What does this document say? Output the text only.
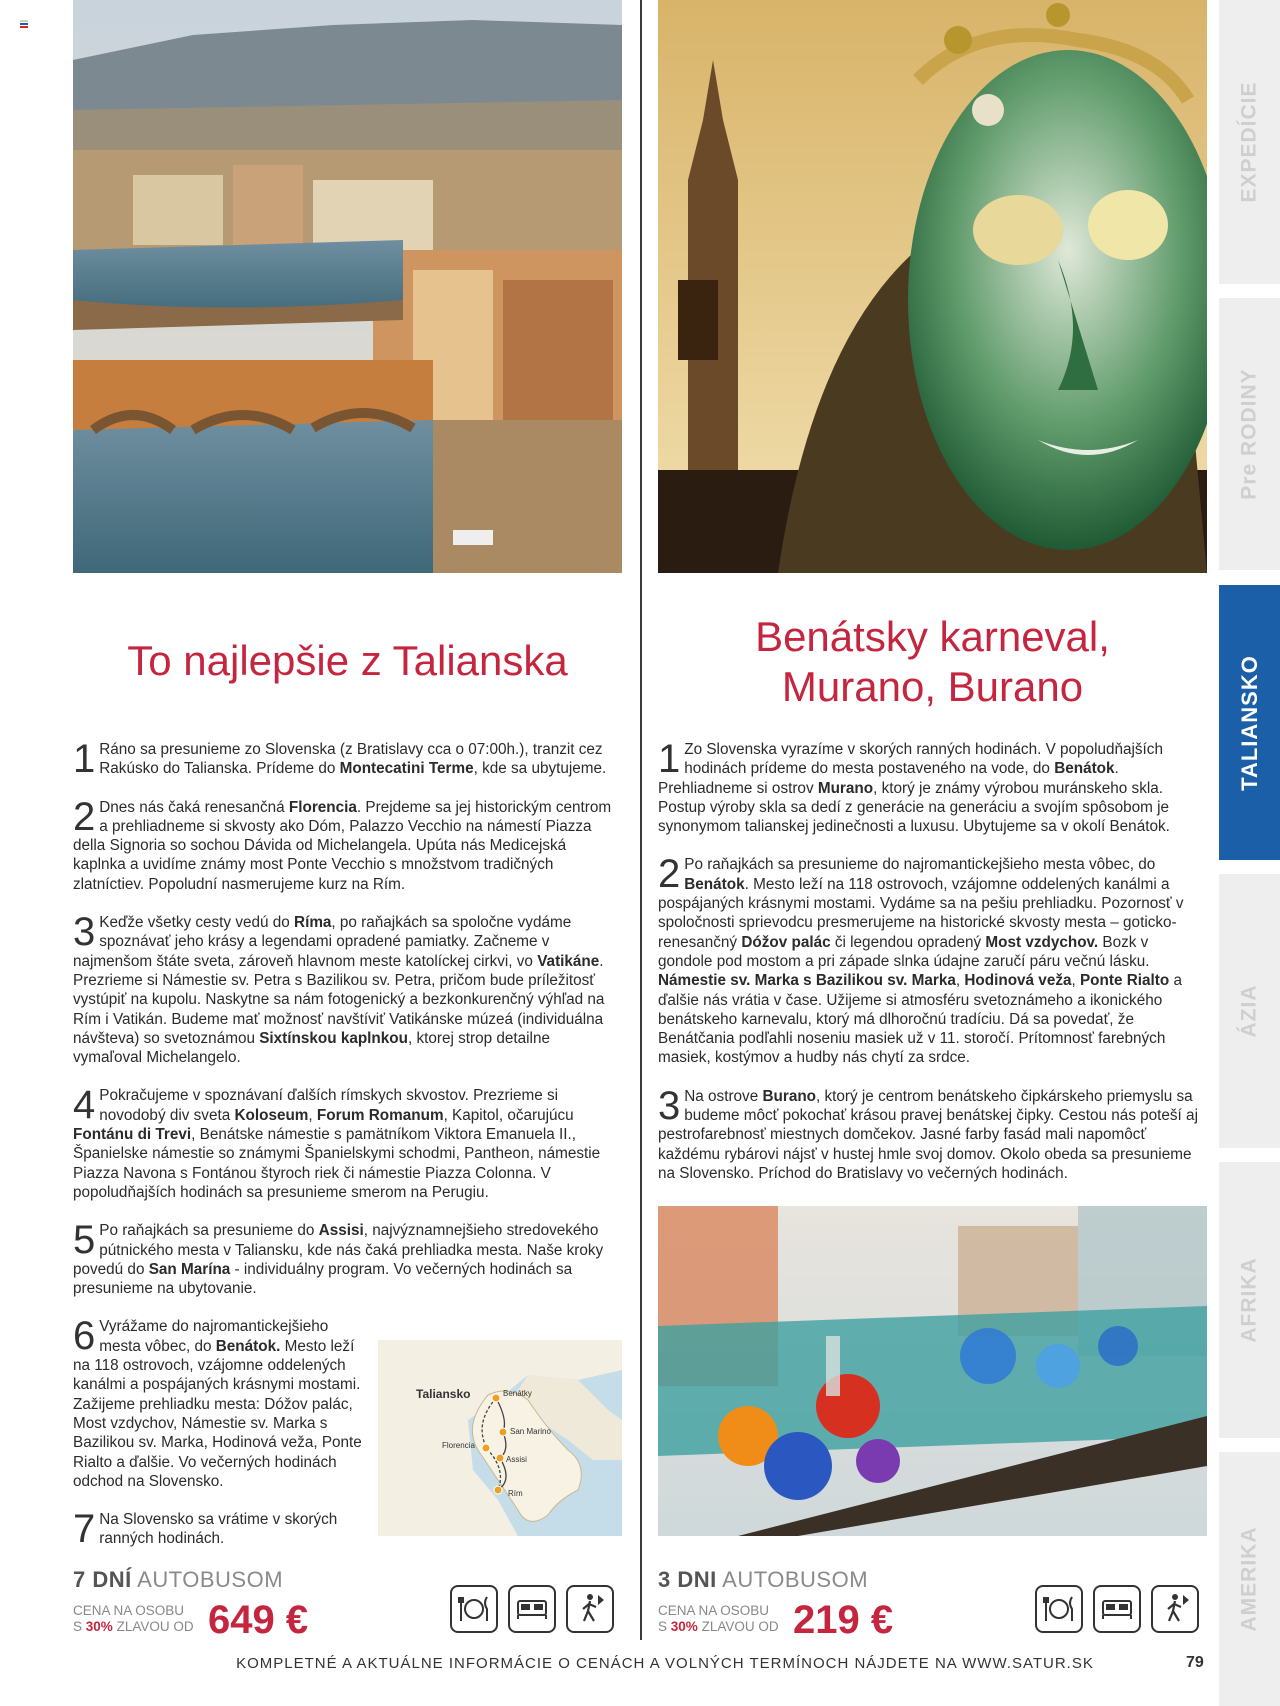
EXPEDÍCIE
Pre RODINY
TALIANSKO
ÁZIA
AFRIKA
AMERIKA
To najlepšie z Talianska
1 Ráno sa presunieme zo Slovenska (z Bratislavy cca o 07:00h.), tranzit cez Rakúsko do Talianska. Prídeme do Montecatini Terme, kde sa ubytujeme.
2 Dnes nás čaká renesančná Florencia. Prejdeme sa jej historickým centrom a prehliadneme si skvosty ako Dóm, Palazzo Vecchio na námestí Piazza della Signoria so sochou Dávida od Michelangela. Upúta nás Medicejská kaplnka a uvidíme známy most Ponte Vecchio s množstvom tradičných zlatníctiev. Popoludní nasmerujeme kurz na Rím.
3 Keďže všetky cesty vedú do Ríma, po raňajkách sa spoločne vydáme spoznávať jeho krásy a legendami opradené pamiatky. Začneme v najmenšom štáte sveta, zároveň hlavnom meste katolíckej cirkvi, vo Vatikáne. Prezrieme si Námestie sv. Petra s Bazilikou sv. Petra, pričom bude príležitosť vystúpiť na kupolu. Naskytne sa nám fotogenický a bezkonkurenčný výhľad na Rím i Vatikán. Budeme mať možnosť navštíviť Vatikánske múzeá (individuálna návšteva) so svetoznámou Sixtínskou kaplnkou, ktorej strop detailne vymaľoval Michelangelo.
4 Pokračujeme v spoznávaní ďalších rímskych skvostov. Prezrieme si novodobý div sveta Koloseum, Forum Romanum, Kapitol, očarujúcu Fontánu di Trevi, Benátske námestie s pamätníkom Viktora Emanuela II., Španielske námestie so známymi Španielskymi schodmi, Pantheon, námestie Piazza Navona s Fontánou štyroch riek či námestie Piazza Colonna. V popoludňajších hodinách sa presunieme smerom na Perugiu.
5 Po raňajkách sa presunieme do Assisi, najvýznamnejšieho stredovekého pútnického mesta v Taliansku, kde nás čaká prehliadka mesta. Naše kroky povedú do San Marína - individuálny program. Vo večerných hodinách sa presunieme na ubytovanie.
6 Vyrážame do najromantickejšieho mesta vôbec, do Benátok. Mesto leží na 118 ostrovoch, vzájomne oddelených kanálmi a pospájaných krásnymi mostami. Zažijeme prehliadku mesta: Dóžov palác, Most vzdychov, Námestie sv. Marka s Bazilikou sv. Marka, Hodinová veža, Ponte Rialto a ďalšie. Vo večerných hodinách odchod na Slovensko.
7 Na Slovensko sa vrátime v skorých ranných hodinách.
Taliansko	Benátky
San Marino
Florencia
Assisi
Rím
7 DNÍ AUTOBUSOM
CENA NA OSOBU
S 30% ZLAVOU OD 649 €
Benátsky karneval,
Murano, Burano
1 Zo Slovenska vyrazíme v skorých ranných hodinách. V popoludňajších hodinách prídeme do mesta postaveného na vode, do Benátok. Prehliadneme si ostrov Murano, ktorý je známy výrobou muránskeho skla. Postup výroby skla sa dedí z generácie na generáciu a svojím spôsobom je synonymom talianskej jedinečnosti a luxusu. Ubytujeme sa v okolí Benátok.
2 Po raňajkách sa presunieme do najromantickejšieho mesta vôbec, do Benátok. Mesto leží na 118 ostrovoch, vzájomne oddelených kanálmi a pospájaných krásnymi mostami. Vydáme sa na pešiu prehliadku. Pozornosť v spoločnosti sprievodcu presmerujeme na historické skvosty mesta – goticko-renesančný Dóžov palác či legendou opradený Most vzdychov. Bozk v gondole pod mostom a pri západe slnka údajne zaručí páru večnú lásku. Námestie sv. Marka s Bazilikou sv. Marka, Hodinová veža, Ponte Rialto a ďalšie nás vrátia v čase. Užijeme si atmosféru svetoznámeho a ikonického benátskeho karnevalu, ktorý má dlhoročnú tradíciu. Dá sa povedať, že Benátčania podľahli noseniu masiek už v 11. storočí. Prítomnosť farebných masiek, kostýmov a hudby nás chytí za srdce.
3 Na ostrove Burano, ktorý je centrom benátskeho čipkárskeho priemyslu sa budeme môcť pokochať krásou pravej benátskej čipky. Cestou nás poteší aj pestrofarebnosť miestnych domčekov. Jasné farby fasád mali napomôcť každému rybárovi nájsť v hustej hmle svoj domov. Okolo obeda sa presunieme na Slovensko. Príchod do Bratislavy vo večerných hodinách.
3 DNI AUTOBUSOM
CENA NA OSOBU
S 30% ZLAVOU OD 219 €
KOMPLETNÉ A AKTUÁLNE INFORMÁCIE O CENÁCH A VOLNÝCH TERMÍNOCH NÁJDETE NA WWW.SATUR.SK	79
